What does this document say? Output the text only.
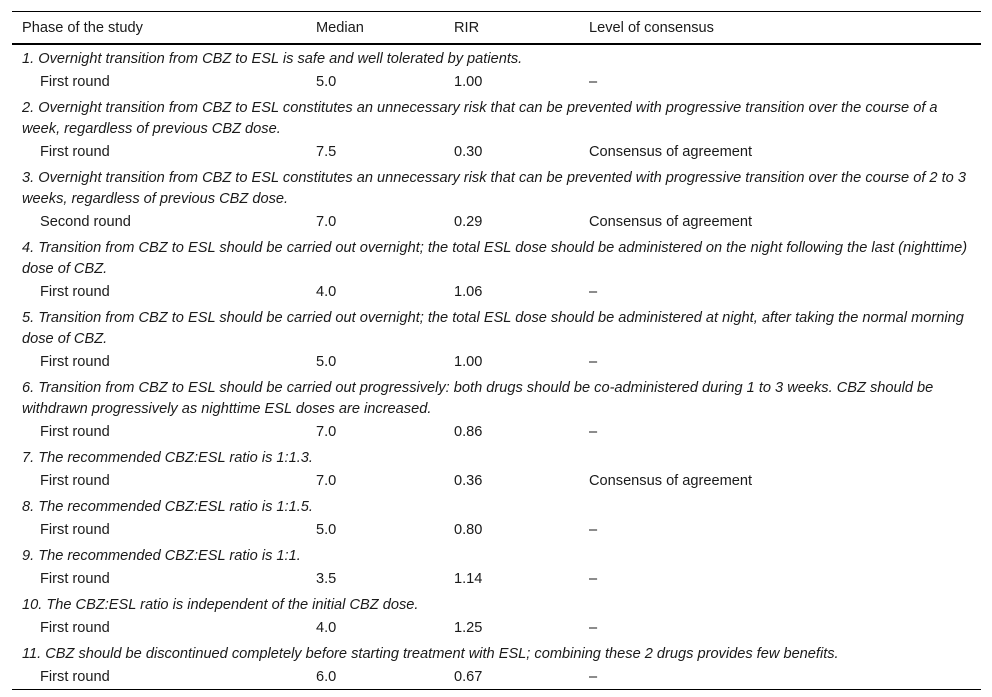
Phase of the study	Median	RIR	Level of consensus
1. Overnight transition from CBZ to ESL is safe and well tolerated by patients.			
First round	5.0	1.00	–
2. Overnight transition from CBZ to ESL constitutes an unnecessary risk that can be prevented with progressive transition over the course of a week, regardless of previous CBZ dose.			
First round	7.5	0.30	Consensus of agreement
3. Overnight transition from CBZ to ESL constitutes an unnecessary risk that can be prevented with progressive transition over the course of 2 to 3 weeks, regardless of previous CBZ dose.			
Second round	7.0	0.29	Consensus of agreement
4. Transition from CBZ to ESL should be carried out overnight; the total ESL dose should be administered on the night following the last (nighttime) dose of CBZ.			
First round	4.0	1.06	–
5. Transition from CBZ to ESL should be carried out overnight; the total ESL dose should be administered at night, after taking the normal morning dose of CBZ.			
First round	5.0	1.00	–
6. Transition from CBZ to ESL should be carried out progressively: both drugs should be co-administered during 1 to 3 weeks. CBZ should be withdrawn progressively as nighttime ESL doses are increased.			
First round	7.0	0.86	–
7. The recommended CBZ:ESL ratio is 1:1.3.			
First round	7.0	0.36	Consensus of agreement
8. The recommended CBZ:ESL ratio is 1:1.5.			
First round	5.0	0.80	–
9. The recommended CBZ:ESL ratio is 1:1.			
First round	3.5	1.14	–
10. The CBZ:ESL ratio is independent of the initial CBZ dose.			
First round	4.0	1.25	–
11. CBZ should be discontinued completely before starting treatment with ESL; combining these 2 drugs provides few benefits.			
First round	6.0	0.67	–
